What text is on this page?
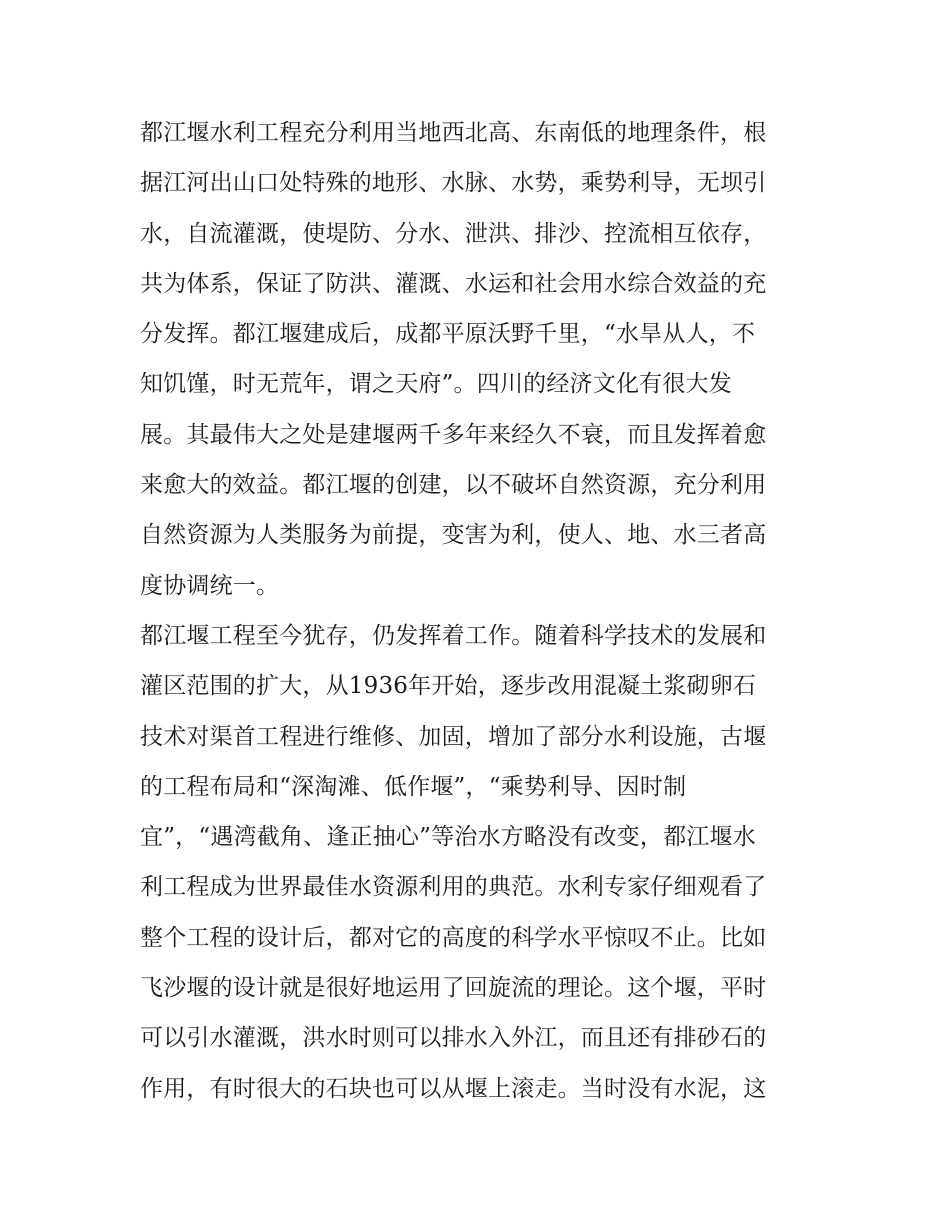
都江堰水利工程充分利用当地西北高、东南低的地理条件，根
据江河出山口处特殊的地形、水脉、水势，乘势利导，无坝引
水，自流灌溉，使堤防、分水、泄洪、排沙、控流相互依存，
共为体系，保证了防洪、灌溉、水运和社会用水综合效益的充
分发挥。都江堰建成后，成都平原沃野千里，“水旱从人，不
知饥馑，时无荒年，谓之天府”。四川的经济文化有很大发
展。其最伟大之处是建堰两千多年来经久不衰，而且发挥着愈
来愈大的效益。都江堰的创建，以不破坏自然资源，充分利用
自然资源为人类服务为前提，变害为利，使人、地、水三者高
度协调统一。
都江堰工程至今犹存，仍发挥着工作。随着科学技术的发展和
灌区范围的扩大，从1936年开始，逐步改用混凝土浆砌卵石
技术对渠首工程进行维修、加固，增加了部分水利设施，古堰
的工程布局和“深淘滩、低作堰”，“乘势利导、因时制
宜”，“遇湾截角、逢正抽心”等治水方略没有改变，都江堰水
利工程成为世界最佳水资源利用的典范。水利专家仔细观看了
整个工程的设计后，都对它的高度的科学水平惊叹不止。比如
飞沙堰的设计就是很好地运用了回旋流的理论。这个堰，平时
可以引水灌溉，洪水时则可以排水入外江，而且还有排砂石的
作用，有时很大的石块也可以从堰上滚走。当时没有水泥，这
